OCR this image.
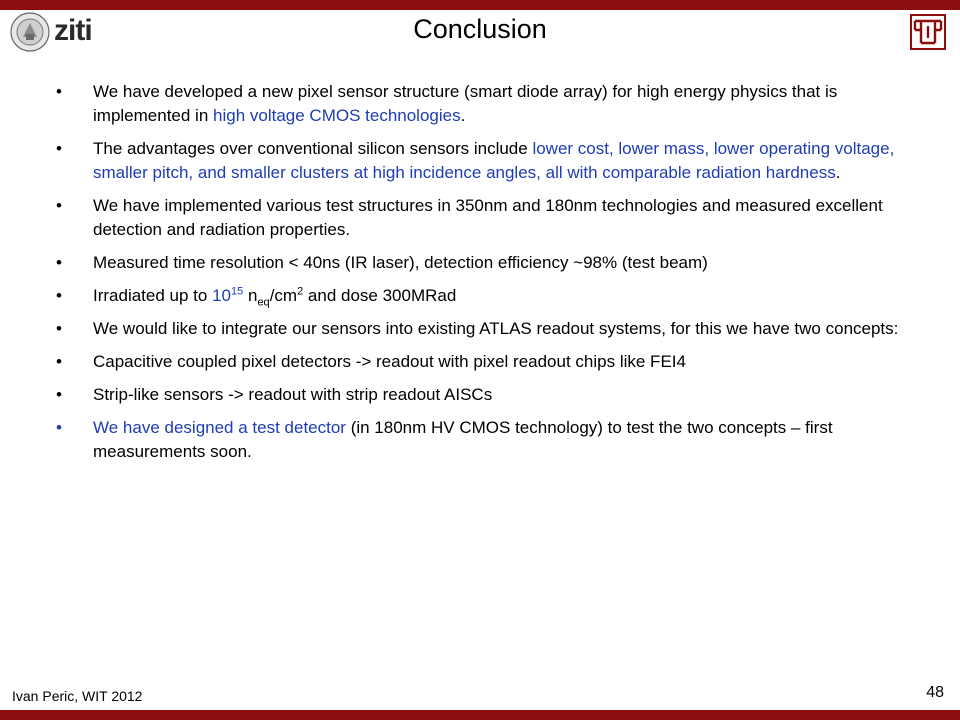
ziti	Conclusion
• We have developed a new pixel sensor structure (smart diode array) for high energy physics that is implemented in high voltage CMOS technologies.
• The advantages over conventional silicon sensors include lower cost, lower mass, lower operating voltage, smaller pitch, and smaller clusters at high incidence angles, all with comparable radiation hardness.
• We have implemented various test structures in 350nm and 180nm technologies and measured excellent detection and radiation properties.
• Measured time resolution < 40ns (IR laser), detection efficiency ~98% (test beam)
• Irradiated up to $10^{15}$ $n_{eq}/cm^2$ and dose 300MRad
• We would like to integrate our sensors into existing ATLAS readout systems, for this we have two concepts:
• Capacitive coupled pixel detectors -> readout with pixel readout chips like FEI4
• Strip-like sensors -> readout with strip readout AISCs
• We have designed a test detector (in 180nm HV CMOS technology) to test the two concepts – first measurements soon.
Ivan Peric, WIT 2012	48
